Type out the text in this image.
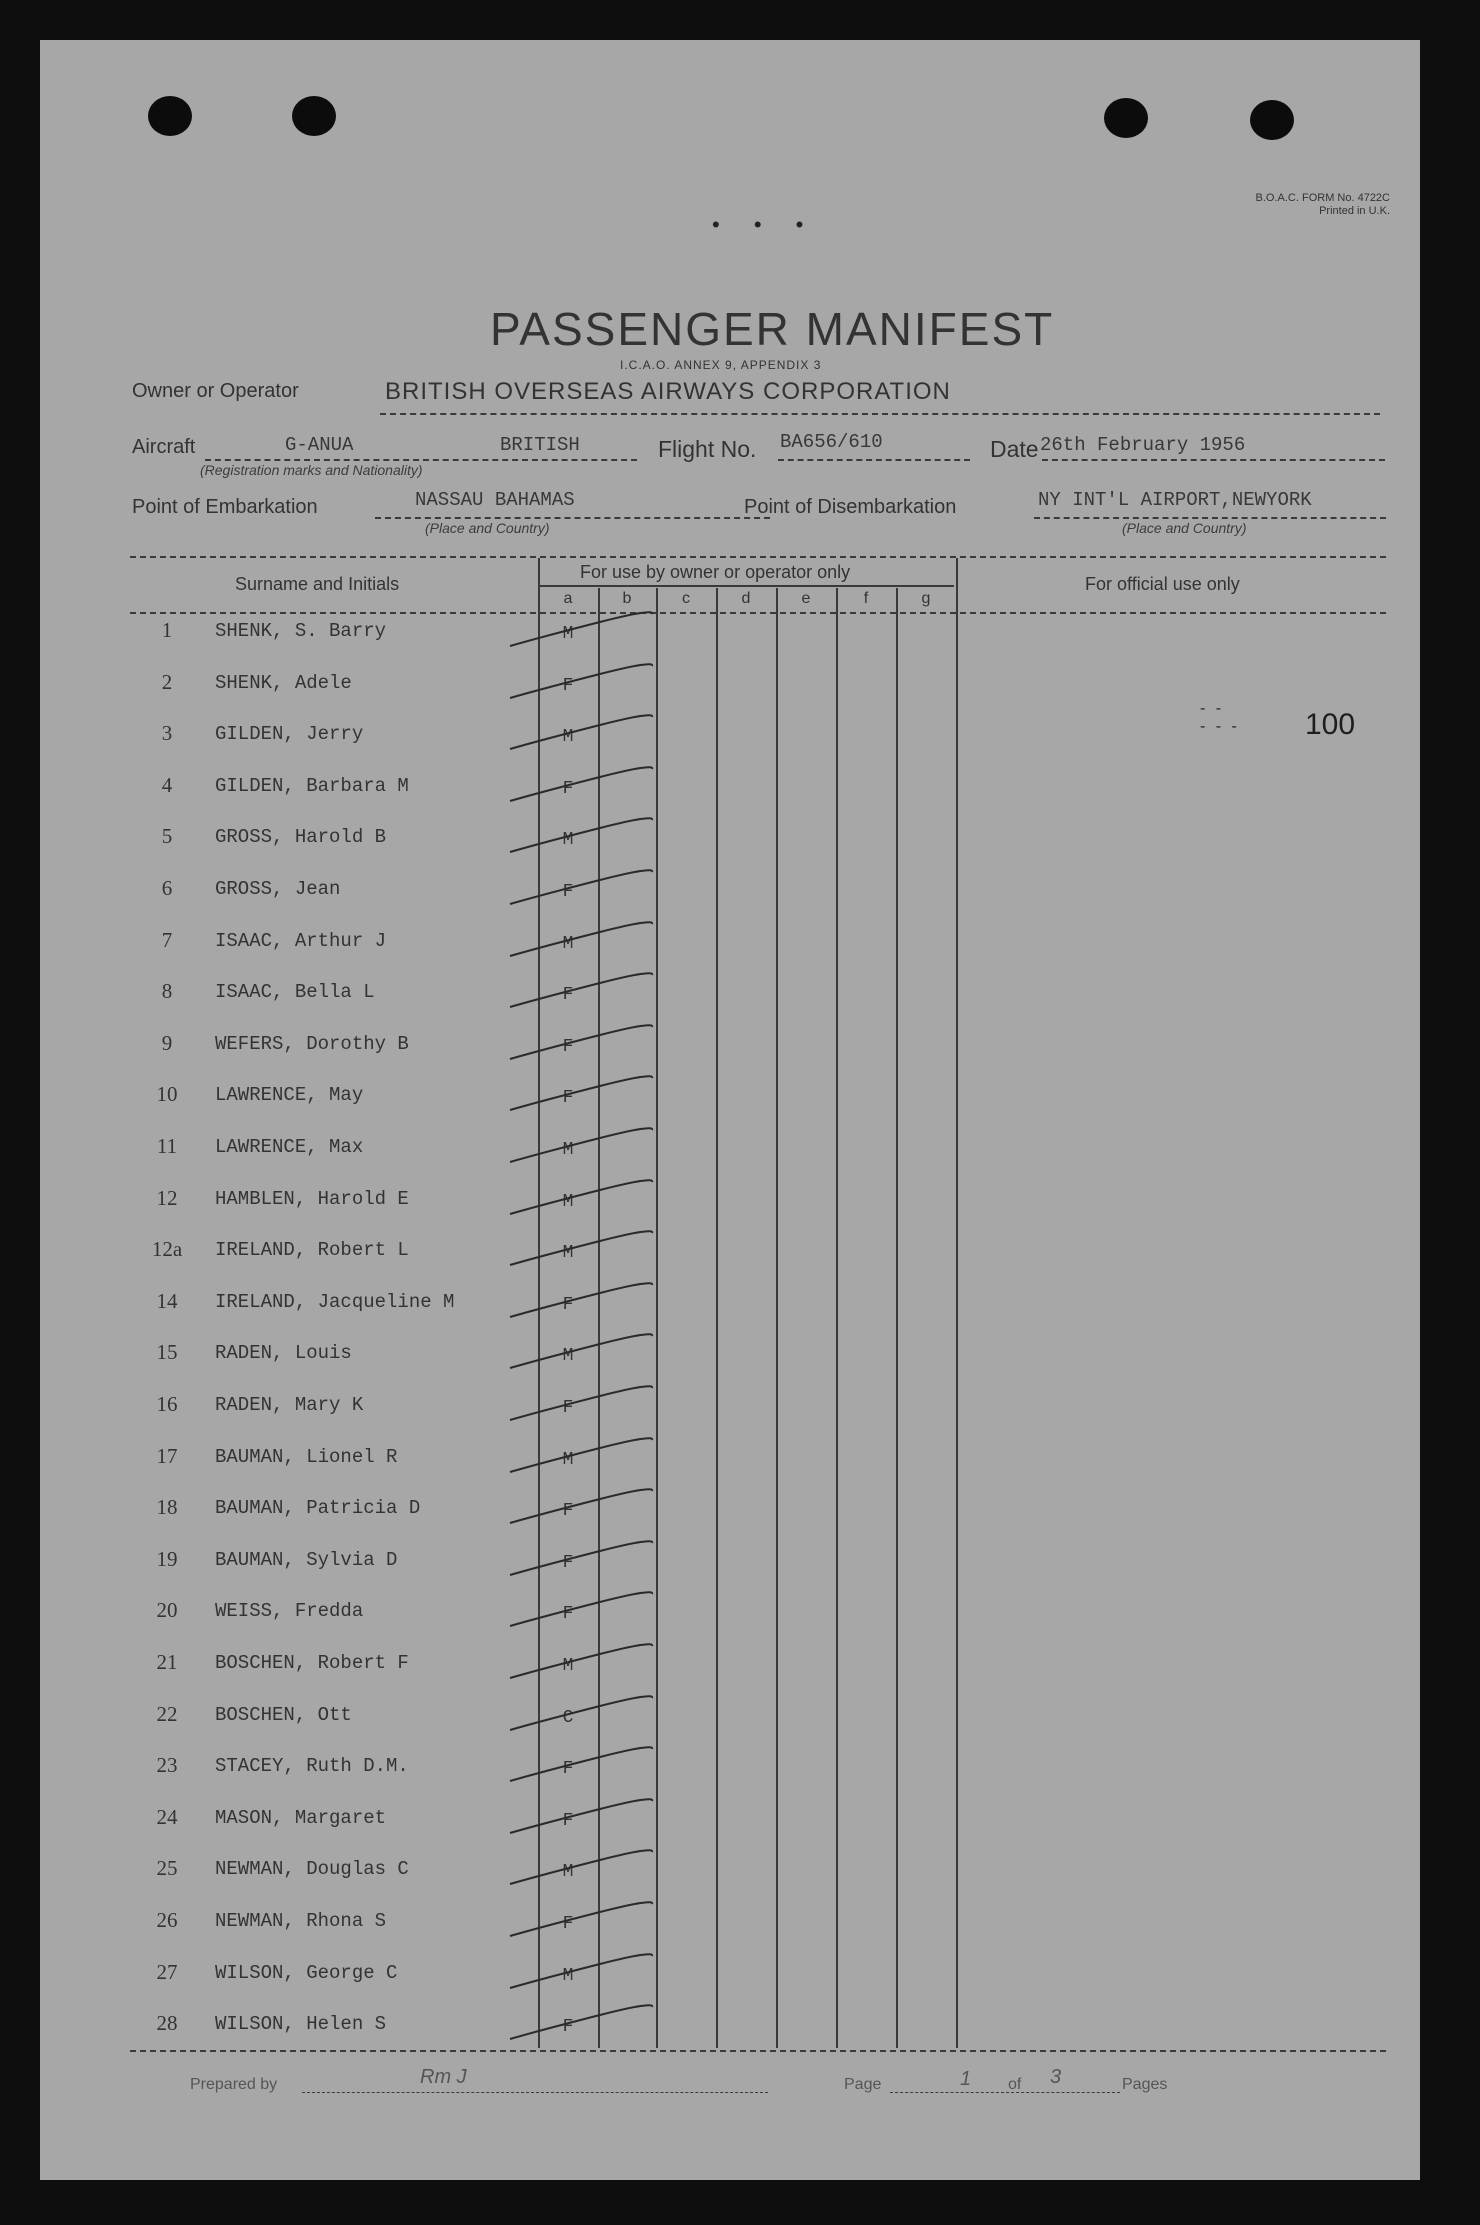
B.O.A.C. FORM No. 4722C
Printed in U.K.
• • •
PASSENGER MANIFEST
I.C.A.O. ANNEX 9, APPENDIX 3
Owner or Operator	BRITISH OVERSEAS AIRWAYS CORPORATION
Aircraft	G-ANUA	BRITISH
(Registration marks and Nationality)
Flight No. BA656/610	Date 26th February 1956
Point of Embarkation	NASSAU BAHAMAS
(Place and Country)
Point of Disembarkation	NY INT'L AIRPORT,NEWYORK
(Place and Country)
Surname and Initials
For use by owner or operator only
For official use only
a	b	c	d	e	f	g
1	SHENK, S. Barry	M
2	SHENK, Adele	F
3	GILDEN, Jerry	M
4	GILDEN, Barbara M	F
5	GROSS, Harold B	M
6	GROSS, Jean	F
7	ISAAC, Arthur J	M
8	ISAAC, Bella L	F
9	WEFERS, Dorothy B	F
10	LAWRENCE, May	F
11	LAWRENCE, Max	M
12	HAMBLEN, Harold E	M
12a	IRELAND, Robert L	M
14	IRELAND, Jacqueline M	F
15	RADEN, Louis	M
16	RADEN, Mary K	F
17	BAUMAN, Lionel R	M
18	BAUMAN, Patricia D	F
19	BAUMAN, Sylvia D	F
20	WEISS, Fredda	F
21	BOSCHEN, Robert F	M
22	BOSCHEN, Ott	C
23	STACEY, Ruth D.M.	F
24	MASON, Margaret	F
25	NEWMAN, Douglas C	M
26	NEWMAN, Rhona S	F
27	WILSON, George C	M
28	WILSON, Helen S	F
- -
- - - 100
Prepared by	Rm J	Page	1 of 3	Pages
